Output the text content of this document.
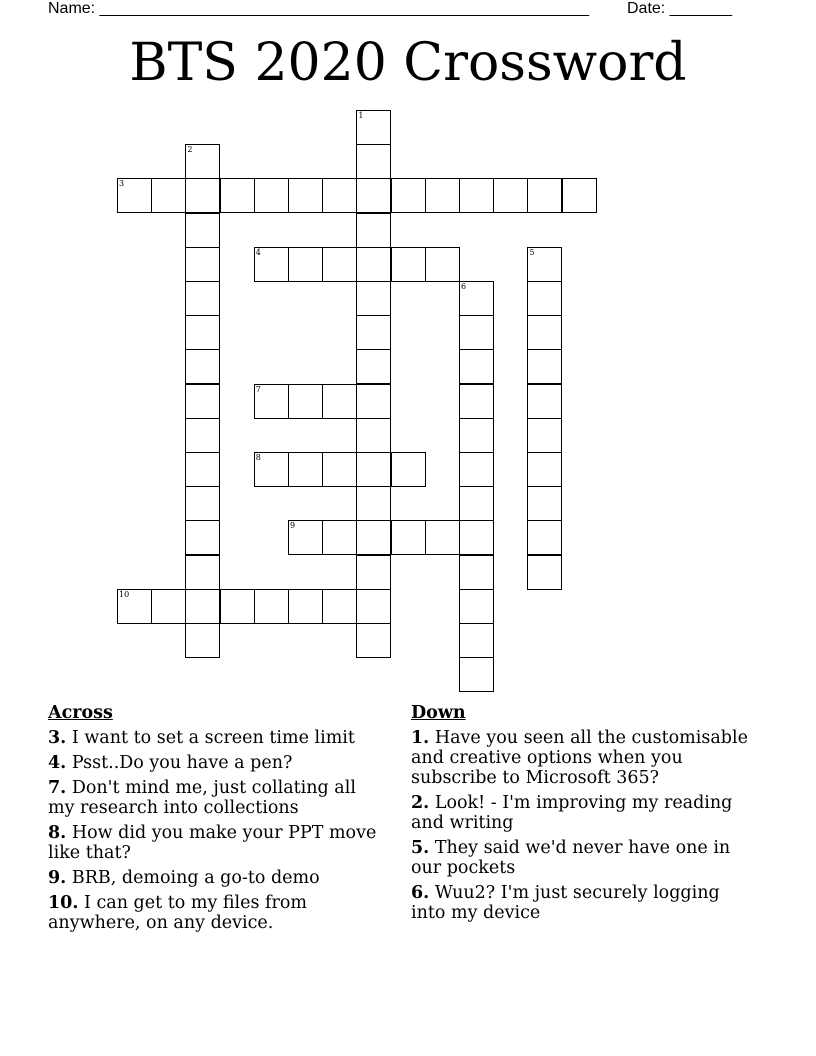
Name: _______________________________________________________ Date: _______
BTS 2020 Crossword
1
2
3
4	5
6
7
8
9
10
Across
3. I want to set a screen time limit
4. Psst..Do you have a pen?
7. Don't mind me, just collating all my research into collections
8. How did you make your PPT move like that?
9. BRB, demoing a go-to demo
10. I can get to my files from anywhere, on any device.
Down
1. Have you seen all the customisable and creative options when you subscribe to Microsoft 365?
2. Look! - I'm improving my reading and writing
5. They said we'd never have one in our pockets
6. Wuu2? I'm just securely logging into my device
